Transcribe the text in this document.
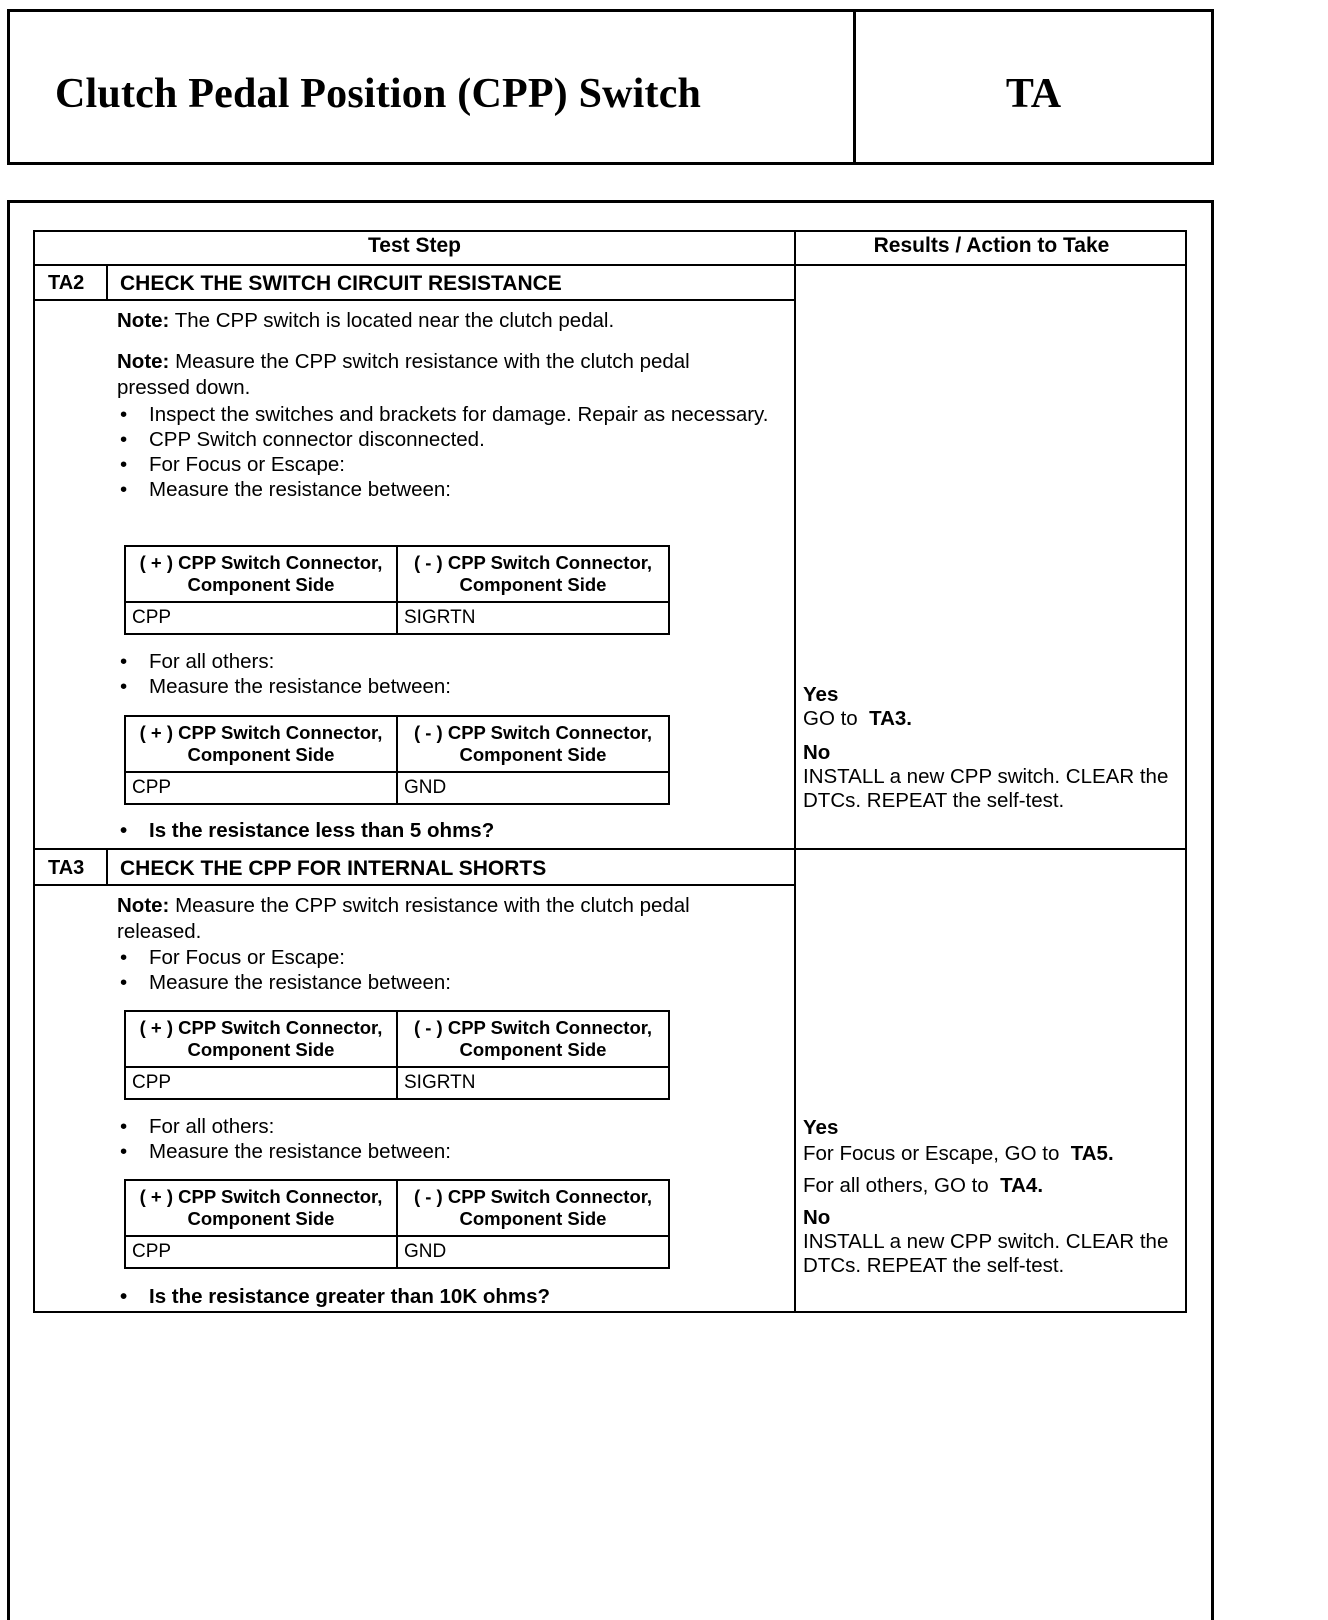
Clutch Pedal Position (CPP) Switch	TA
Test Step	Results / Action to Take
TA2 CHECK THE SWITCH CIRCUIT RESISTANCE
Note: The CPP switch is located near the clutch pedal.
Note: Measure the CPP switch resistance with the clutch pedal pressed down.
• Inspect the switches and brackets for damage. Repair as necessary.
• CPP Switch connector disconnected.
• For Focus or Escape:
• Measure the resistance between:
( + ) CPP Switch Connector, Component Side	( - ) CPP Switch Connector, Component Side
CPP	SIGRTN
• For all others:
• Measure the resistance between:
( + ) CPP Switch Connector, Component Side	( - ) CPP Switch Connector, Component Side
CPP	GND
• Is the resistance less than 5 ohms?

Yes

GO to TA3.

No

INSTALL a new CPP switch. CLEAR the DTCs. REPEAT the self-test.

TA3 CHECK THE CPP FOR INTERNAL SHORTS
Note: Measure the CPP switch resistance with the clutch pedal released.
• For Focus or Escape:
• Measure the resistance between:
( + ) CPP Switch Connector, Component Side	( - ) CPP Switch Connector, Component Side
CPP	SIGRTN
• For all others:
• Measure the resistance between:
( + ) CPP Switch Connector, Component Side	( - ) CPP Switch Connector, Component Side
CPP	GND
• Is the resistance greater than 10K ohms?

Yes

For Focus or Escape, GO to TA5.

For all others, GO to TA4.

No

INSTALL a new CPP switch. CLEAR the DTCs. REPEAT the self-test.
